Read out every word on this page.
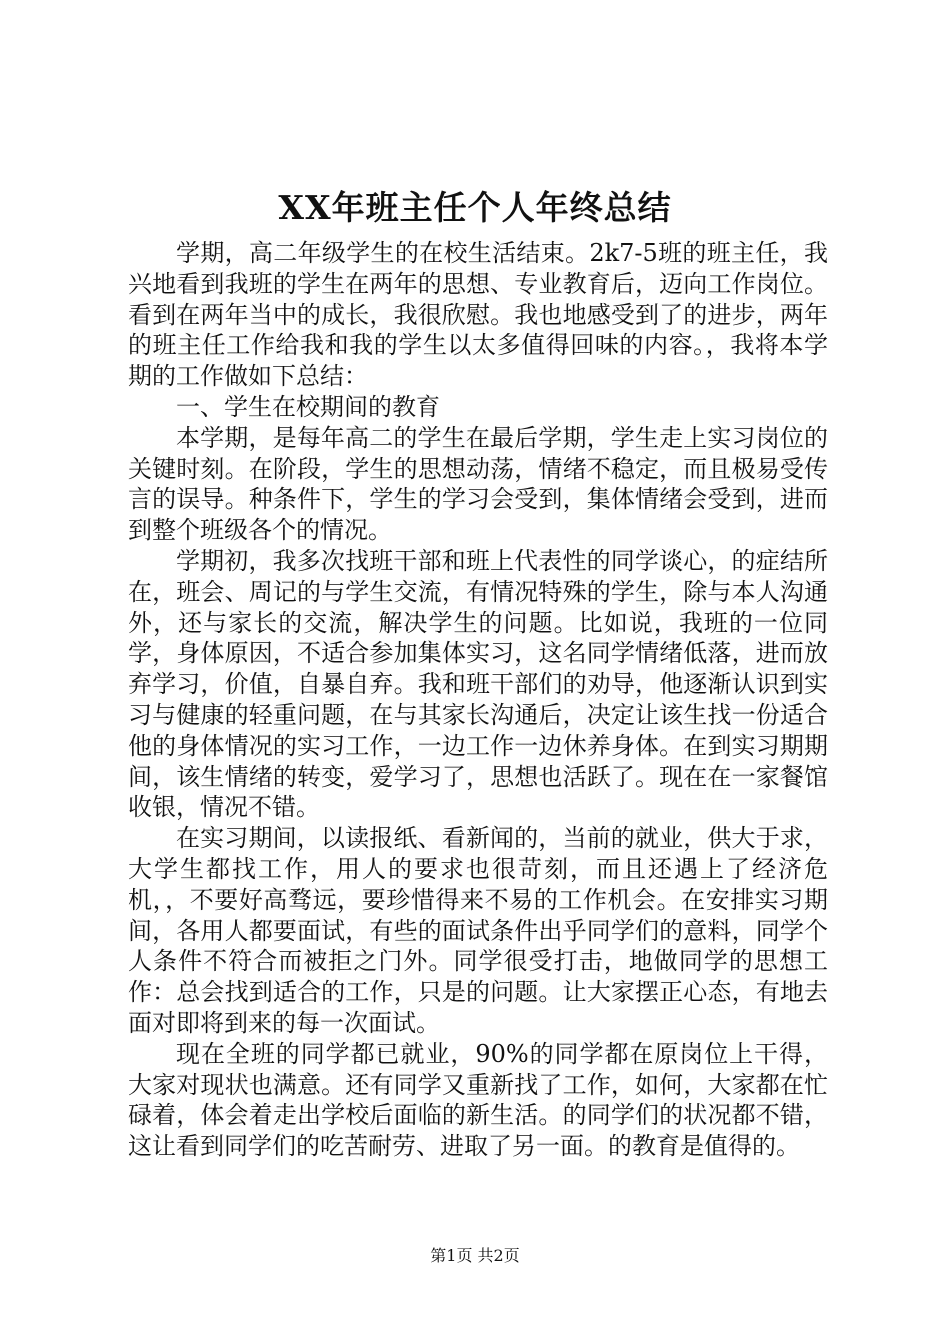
XX年班主任个人年终总结

学期，高二年级学生的在校生活结束。2k7-5班的班主任，我兴地看到我班的学生在两年的思想、专业教育后，迈向工作岗位。看到在两年当中的成长，我很欣慰。我也地感受到了的进步，两年的班主任工作给我和我的学生以太多值得回味的内容。，我将本学期的工作做如下总结：

一、学生在校期间的教育

本学期，是每年高二的学生在最后学期，学生走上实习岗位的关键时刻。在阶段，学生的思想动荡，情绪不稳定，而且极易受传言的误导。种条件下，学生的学习会受到，集体情绪会受到，进而到整个班级各个的情况。

学期初，我多次找班干部和班上代表性的同学谈心，的症结所在，班会、周记的与学生交流，有情况特殊的学生，除与本人沟通外，还与家长的交流，解决学生的问题。比如说，我班的一位同学，身体原因，不适合参加集体实习，这名同学情绪低落，进而放弃学习，价值，自暴自弃。我和班干部们的劝导，他逐渐认识到实习与健康的轻重问题，在与其家长沟通后，决定让该生找一份适合他的身体情况的实习工作，一边工作一边休养身体。在到实习期期间，该生情绪的转变，爱学习了，思想也活跃了。现在在一家餐馆收银，情况不错。

在实习期间，以读报纸、看新闻的，当前的就业，供大于求，大学生都找工作，用人的要求也很苛刻，而且还遇上了经济危机，，不要好高骛远，要珍惜得来不易的工作机会。在安排实习期间，各用人都要面试，有些的面试条件出乎同学们的意料，同学个人条件不符合而被拒之门外。同学很受打击，地做同学的思想工作：总会找到适合的工作，只是的问题。让大家摆正心态，有地去面对即将到来的每一次面试。

现在全班的同学都已就业，90%的同学都在原岗位上干得，大家对现状也满意。还有同学又重新找了工作，如何，大家都在忙碌着，体会着走出学校后面临的新生活。的同学们的状况都不错，这让看到同学们的吃苦耐劳、进取了另一面。的教育是值得的。

第1页 共2页
